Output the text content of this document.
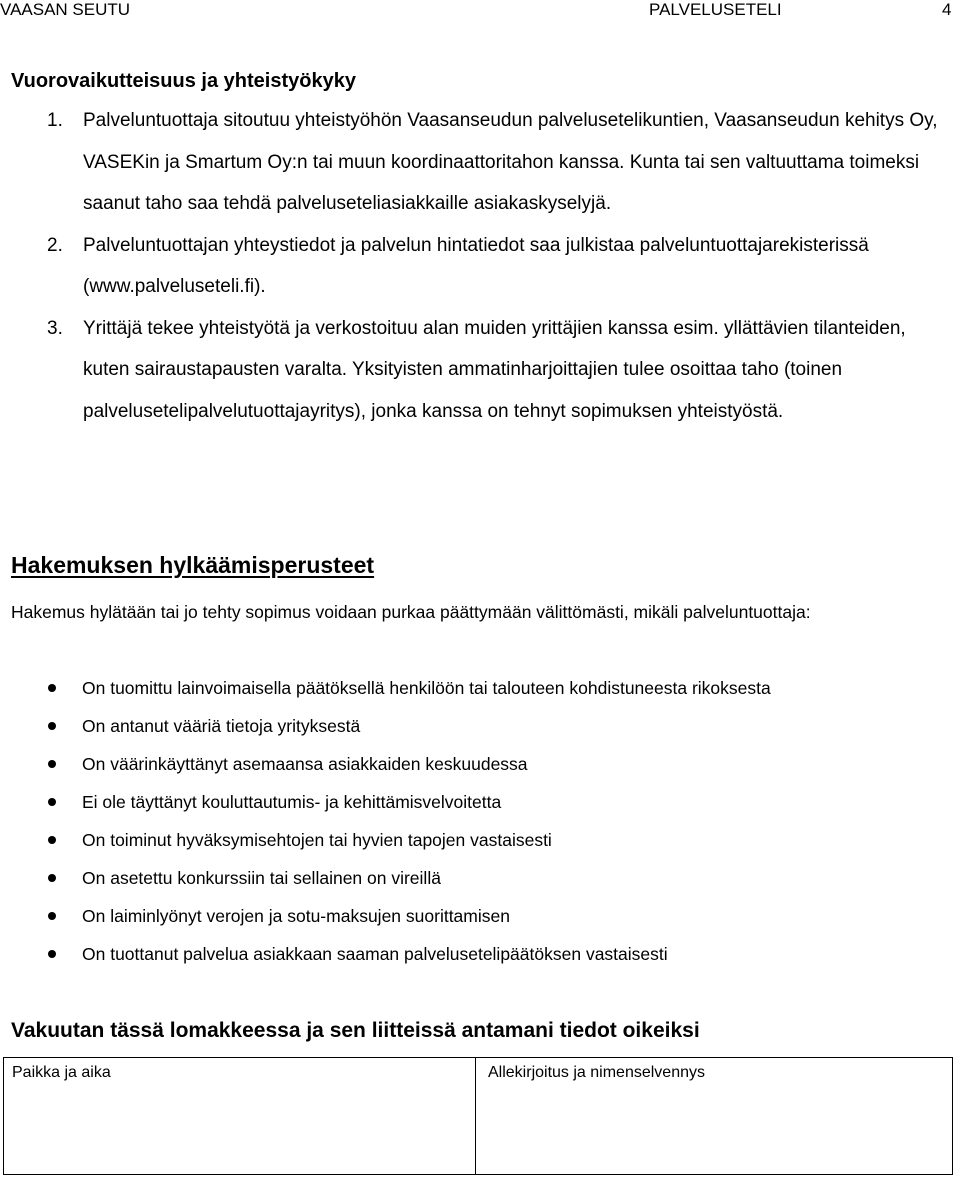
VAASAN SEUTU	PALVELUSETELI	4
Vuorovaikutteisuus ja yhteistyökyky
1. Palveluntuottaja sitoutuu yhteistyöhön Vaasanseudun palvelusetelikuntien, Vaasanseudun kehitys Oy, VASEKin ja Smartum Oy:n tai muun koordinaattoritahon kanssa. Kunta tai sen valtuuttama toimeksi saanut taho saa tehdä palveluseteliasiakkaille asiakaskyselyjä.
2. Palveluntuottajan yhteystiedot ja palvelun hintatiedot saa julkistaa palveluntuottajarekisterissä (www.palveluseteli.fi).
3. Yrittäjä tekee yhteistyötä ja verkostoituu alan muiden yrittäjien kanssa esim. yllättävien tilanteiden, kuten sairaustapausten varalta. Yksityisten ammatinharjoittajien tulee osoittaa taho (toinen palvelusetelipalvelutuottajayritys), jonka kanssa on tehnyt sopimuksen yhteistyöstä.
Hakemuksen hylkäämisperusteet
Hakemus hylätään tai jo tehty sopimus voidaan purkaa päättymään välittömästi, mikäli palveluntuottaja:
On tuomittu lainvoimaisella päätöksellä henkilöön tai talouteen kohdistuneesta rikoksesta
On antanut vääriä tietoja yrityksestä
On väärinkäyttänyt asemaansa asiakkaiden keskuudessa
Ei ole täyttänyt kouluttautumis- ja kehittämisvelvoitetta
On toiminut hyväksymisehtojen tai hyvien tapojen vastaisesti
On asetettu konkurssiin tai sellainen on vireillä
On laiminlyönyt verojen ja sotu-maksujen suorittamisen
On tuottanut palvelua asiakkaan saaman palvelusetelipäätöksen vastaisesti
Vakuutan tässä lomakkeessa ja sen liitteissä antamani tiedot oikeiksi
Paikka ja aika	Allekirjoitus ja nimenselvennys
